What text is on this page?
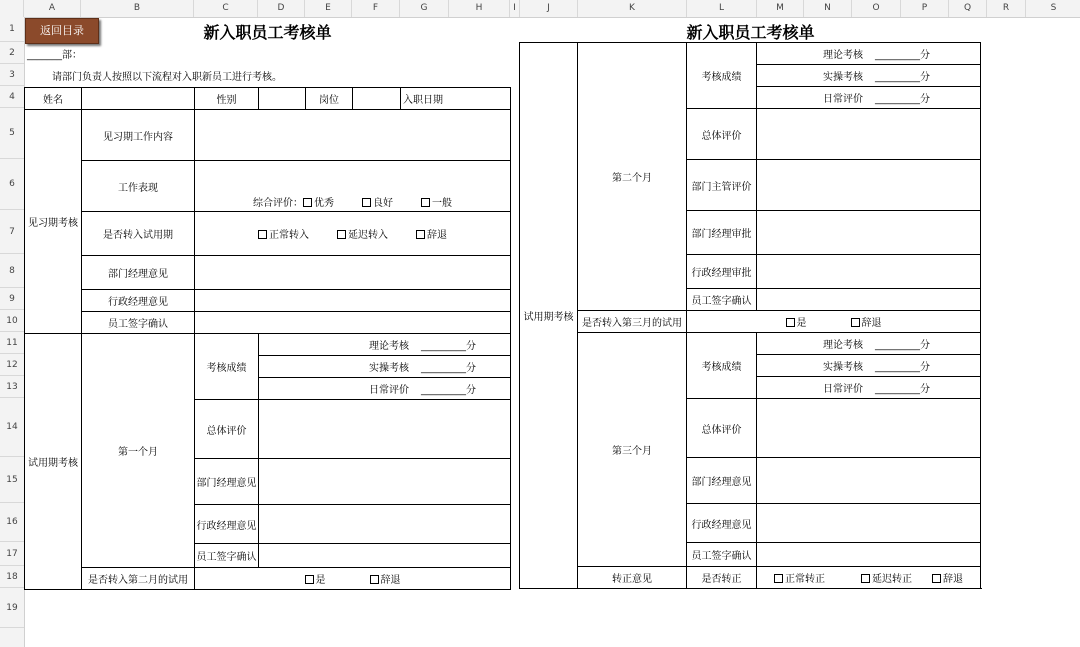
A	B	C	D	E	F	G	H	I	J	K	L	M	N	O	P	Q	R	S
1
2
3
4
5
6
7
8
9
10
11
12
13
14
15
16
17
18
19
返回目录	新入职员工考核单	新入职员工考核单
_______部：
请部门负责人按照以下流程对入职新员工进行考核。
姓名		性别		岗位		入职日期
见习期考核	见习期工作内容					
	工作表现	综合评价： 优秀 良好 一般				
	是否转入试用期	正常转入 延迟转入 辞退				
	部门经理意见					
	行政经理意见					
	员工签字确认					
试用期考核	第一个月	考核成绩	理论考核 _________分			

			实操考核 _________分			

			日常评价 _________分			

		总体评价				
		部门经理意见				
		行政经理意见				
		员工签字确认				
	是否转入第二月的试用	是 辞退				
试用期考核	第二个月	考核成绩	理论考核 _________分

			实操考核 _________分

			日常评价 _________分

		总体评价	
		部门主管评价	
		部门经理审批	
		行政经理审批	
		员工签字确认	
	是否转入第三月的试用	是 辞退	
	第三个月	考核成绩	理论考核 _________分

			实操考核 _________分

			日常评价 _________分

		总体评价	
		部门经理意见	
		行政经理意见	
		员工签字确认	
	转正意见	是否转正	正常转正 延迟转正 辞退
